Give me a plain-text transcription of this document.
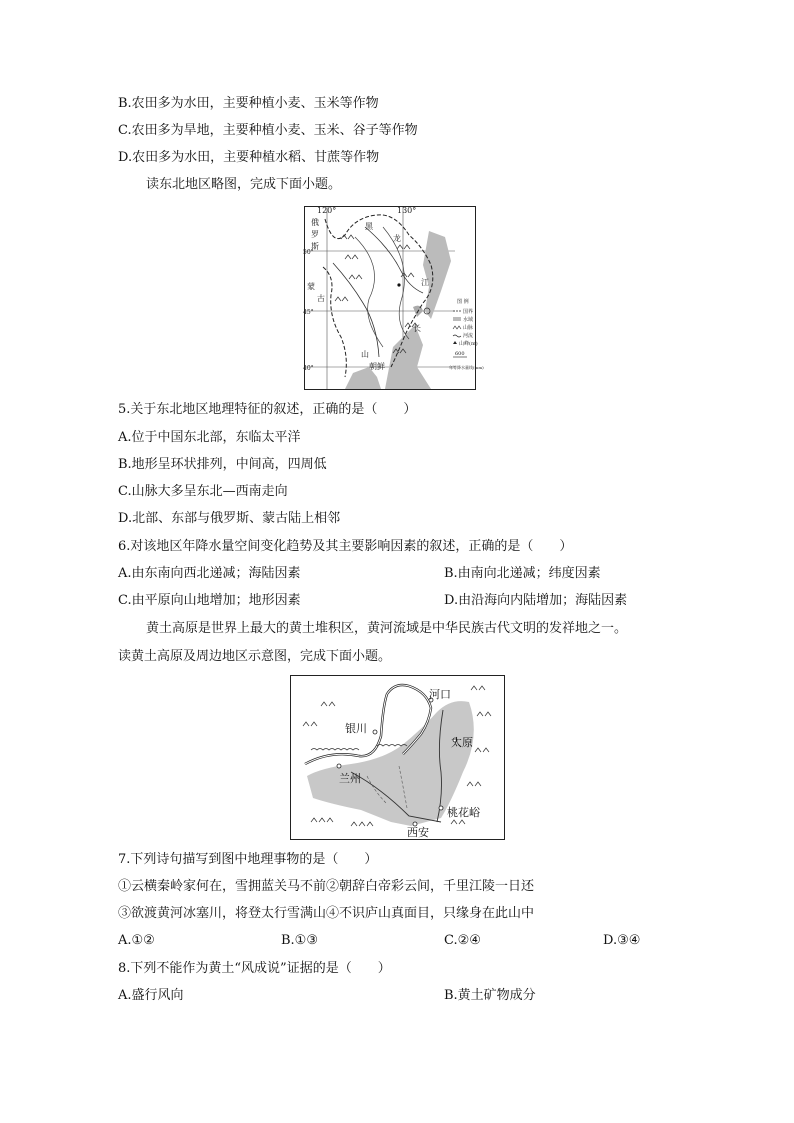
B.农田多为水田，主要种植小麦、玉米等作物
C.农田多为旱地，主要种植小麦、玉米、谷子等作物
D.农田多为水田，主要种植水稻、甘蔗等作物
读东北地区略图，完成下面小题。
120°	130°
50°
45°
40°
俄
罗
斯
蒙
古
黑
龙
江
朝鲜
长
山
图 例
国界
水域
山脉
河流
山峰(m)
600
年等降水量线(mm)
5.关于东北地区地理特征的叙述，正确的是（　　）
A.位于中国东北部，东临太平洋
B.地形呈环状排列，中间高，四周低
C.山脉大多呈东北—西南走向
D.北部、东部与俄罗斯、蒙古陆上相邻
6.对该地区年降水量空间变化趋势及其主要影响因素的叙述，正确的是（　　）
A.由东南向西北递减；海陆因素	B.由南向北递减；纬度因素
C.由平原向山地增加；地形因素	D.由沿海向内陆增加；海陆因素
黄土高原是世界上最大的黄土堆积区，黄河流域是中华民族古代文明的发祥地之一。
读黄土高原及周边地区示意图，完成下面小题。
河口
银川
太原
兰州
西安
桃花峪
7.下列诗句描写到图中地理事物的是（　　）
①云横秦岭家何在，雪拥蓝关马不前②朝辞白帝彩云间，千里江陵一日还
③欲渡黄河冰塞川，将登太行雪满山④不识庐山真面目，只缘身在此山中
A.①②	B.①③	C.②④	D.③④
8.下列不能作为黄土“风成说”证据的是（　　）
A.盛行风向	B.黄土矿物成分
